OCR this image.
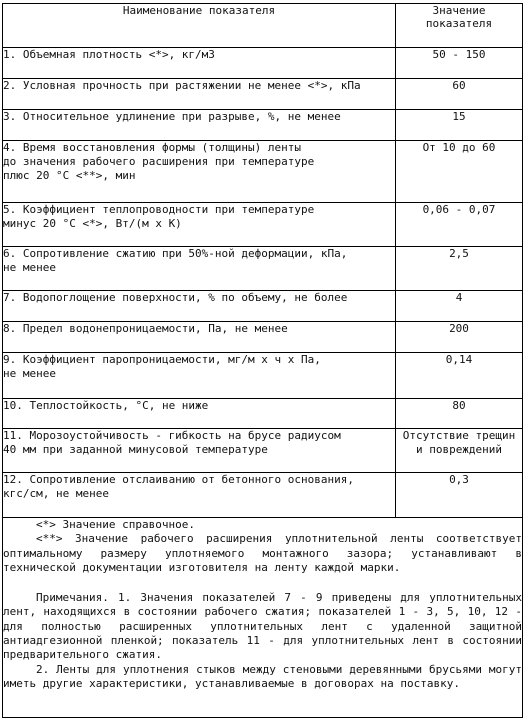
Наименование показателя	Значение
показателя
1. Объемная плотность <*>, кг/м3	50 - 150
2. Условная прочность при растяжении не менее <*>, кПа	60
3. Относительное удлинение при разрыве, %, не менее	15
4. Время восстановления формы (толщины) ленты
до значения рабочего расширения при температуре
плюс 20 °С <**>, мин	От 10 до 60
5. Коэффициент теплопроводности при температуре
минус 20 °С <*>, Вт/(м x К)	0,06 - 0,07
6. Сопротивление сжатию при 50%-ной деформации, кПа,
не менее	2,5
7. Водопоглощение поверхности, % по объему, не более	4
8. Предел водонепроницаемости, Па, не менее	200
9. Коэффициент паропроницаемости, мг/м x ч x Па,
не менее	0,14
10. Теплостойкость, °С, не ниже	80
11. Морозоустойчивость - гибкость на брусе радиусом
40 мм при заданной минусовой температуре	Отсутствие трещин
и повреждений
12. Сопротивление отслаиванию от бетонного основания,
кгс/см, не менее	0,3

<*> Значение справочное.

<**> Значение рабочего расширения уплотнительной ленты соответствует оптимальному размеру уплотняемого монтажного зазора; устанавливают в технической документации изготовителя на ленту каждой марки.

Примечания. 1. Значения показателей 7 - 9 приведены для уплотнительных лент, находящихся в состоянии рабочего сжатия; показателей 1 - 3, 5, 10, 12 - для полностью расширенных уплотнительных лент с удаленной защитной антиадгезионной пленкой; показатель 11 - для уплотнительных лент в состоянии предварительного сжатия.

2. Ленты для уплотнения стыков между стеновыми деревянными брусьями могут иметь другие характеристики, устанавливаемые в договорах на поставку.	
